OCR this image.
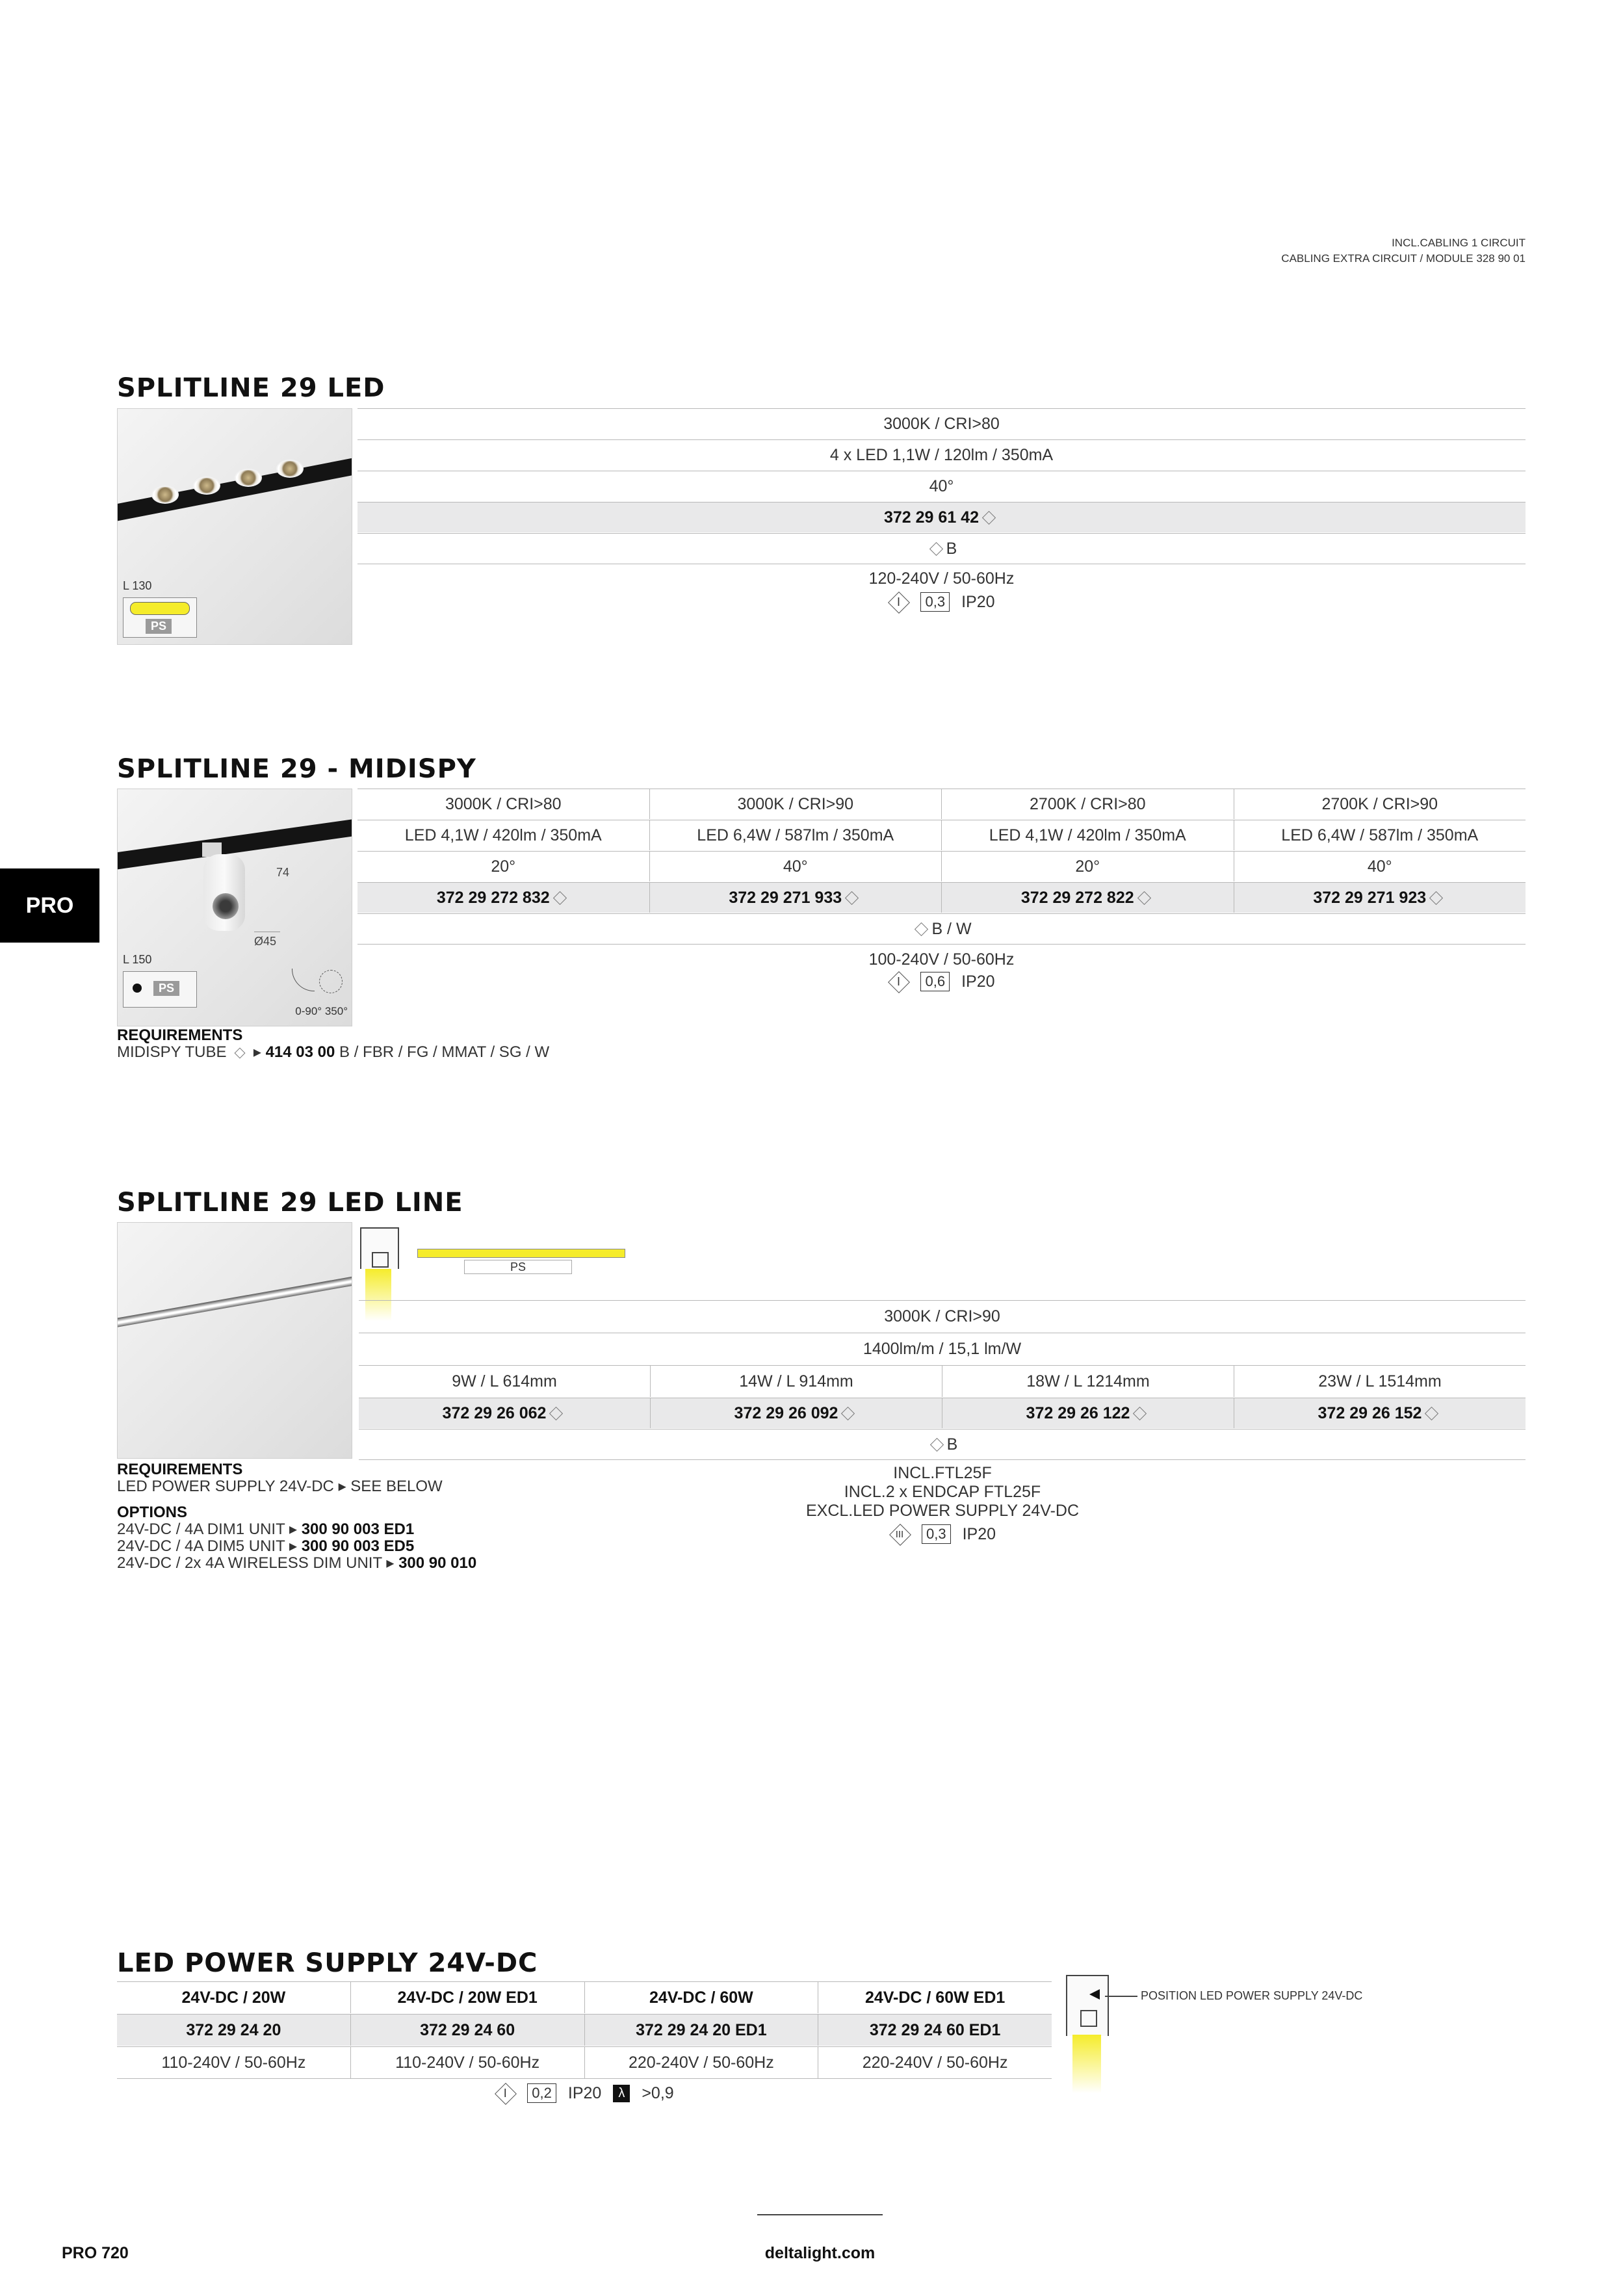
INCL.CABLING 1 CIRCUIT
CABLING EXTRA CIRCUIT / MODULE 328 90 01
PRO
SPLITLINE 29 LED
L 130
PS
3000K / CRI>80
4 x LED 1,1W / 120lm / 350mA
40°
372 29 61 42
B
120-240V / 50-60Hz
I	0,3 IP20
SPLITLINE 29 - MIDISPY
74
Ø45
L 150
PS
0-90° 350°
3000K / CRI>80	3000K / CRI>90	2700K / CRI>80	2700K / CRI>90
LED 4,1W / 420lm / 350mA	LED 6,4W / 587lm / 350mA	LED 4,1W / 420lm / 350mA	LED 6,4W / 587lm / 350mA
20°	40°	20°	40°
372 29 272 832	372 29 271 933	372 29 272 822	372 29 271 923
B / W
100-240V / 50-60Hz
I	0,6 IP20
REQUIREMENTS
MIDISPY TUBE ▸ 414 03 00 B / FBR / FG / MMAT / SG / W
SPLITLINE 29 LED LINE
PS
3000K / CRI>90
1400lm/m / 15,1 lm/W
9W / L 614mm	14W / L 914mm	18W / L 1214mm	23W / L 1514mm
372 29 26 062	372 29 26 092	372 29 26 122	372 29 26 152
B
INCL.FTL25F
INCL.2 x ENDCAP FTL25F
EXCL.LED POWER SUPPLY 24V-DC
III	0,3 IP20
REQUIREMENTS
LED POWER SUPPLY 24V-DC ▸ SEE BELOW
OPTIONS
24V-DC / 4A DIM1 UNIT ▸ 300 90 003 ED1
24V-DC / 4A DIM5 UNIT ▸ 300 90 003 ED5
24V-DC / 2x 4A WIRELESS DIM UNIT ▸ 300 90 010
LED POWER SUPPLY 24V-DC
24V-DC / 20W	24V-DC / 20W ED1	24V-DC / 60W	24V-DC / 60W ED1
372 29 24 20	372 29 24 60	372 29 24 20 ED1	372 29 24 60 ED1
110-240V / 50-60Hz	110-240V / 50-60Hz	220-240V / 50-60Hz	220-240V / 50-60Hz
I	0,2 IP20	λ	>0,9
POSITION LED POWER SUPPLY 24V-DC
PRO 720	deltalight.com
